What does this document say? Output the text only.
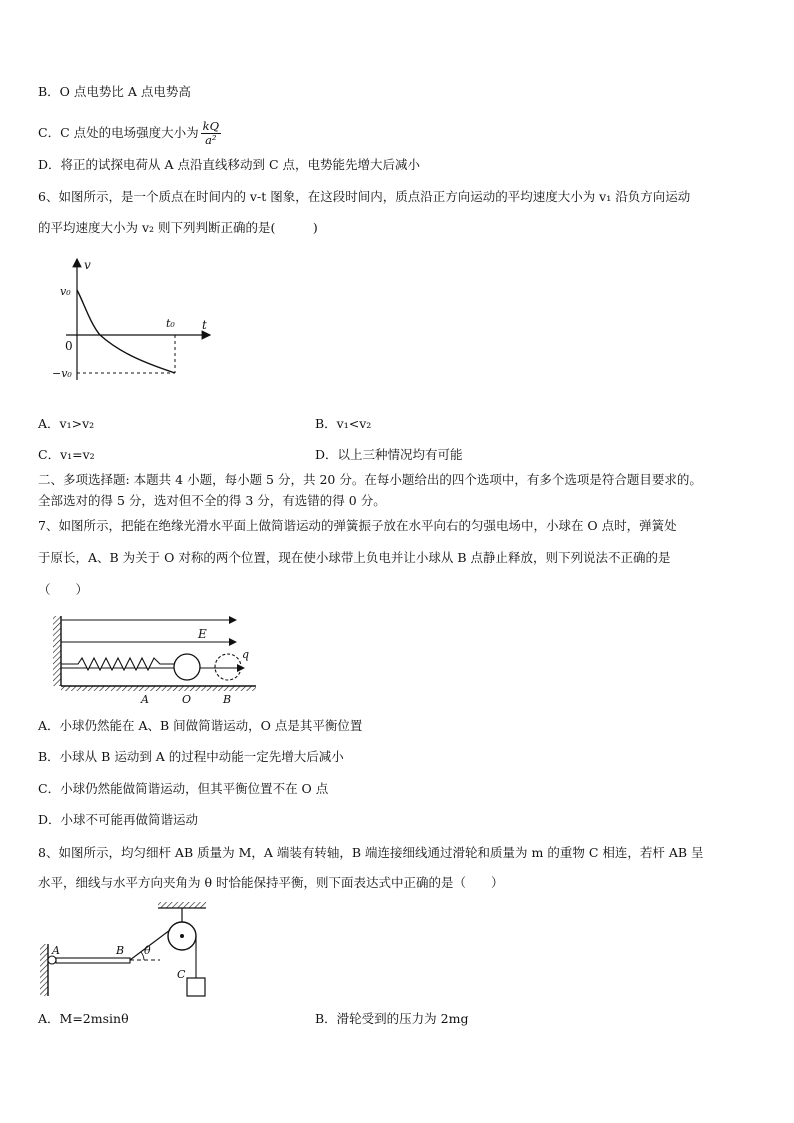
B．O 点电势比 A 点电势高
C．C 点处的电场强度大小为 $\frac{kQ}{\text{a²}}$
D．将正的试探电荷从 A 点沿直线移动到 C 点，电势能先增大后减小
6、如图所示，是一个质点在时间内的 v-t 图象，在这段时间内，质点沿正方向运动的平均速度大小为 v₁ 沿负方向运动
的平均速度大小为 v₂ 则下列判断正确的是(　　　)
v
t
v₀
0
t₀
−v₀
A．v₁>v₂	B．v₁<v₂
C．v₁=v₂	D．以上三种情况均有可能
二、多项选择题: 本题共 4 小题，每小题 5 分，共 20 分。在每小题给出的四个选项中，有多个选项是符合题目要求的。
全部选对的得 5 分，选对但不全的得 3 分，有选错的得 0 分。
7、如图所示，把能在绝缘光滑水平面上做简谐运动的弹簧振子放在水平向右的匀强电场中，小球在 O 点时，弹簧处
于原长，A、B 为关于 O 对称的两个位置，现在使小球带上负电并让小球从 B 点静止释放，则下列说法不正确的是
（　　）
E
q
A	O	B
A．小球仍然能在 A、B 间做简谐运动，O 点是其平衡位置
B．小球从 B 运动到 A 的过程中动能一定先增大后减小
C．小球仍然能做简谐运动，但其平衡位置不在 O 点
D．小球不可能再做简谐运动
8、如图所示，均匀细杆 AB 质量为 M，A 端装有转轴，B 端连接细线通过滑轮和质量为 m 的重物 C 相连，若杆 AB 呈
水平，细线与水平方向夹角为 θ 时恰能保持平衡，则下面表达式中正确的是（　　）
A	B θ
C
A．M=2msinθ	B．滑轮受到的压力为 2mg
